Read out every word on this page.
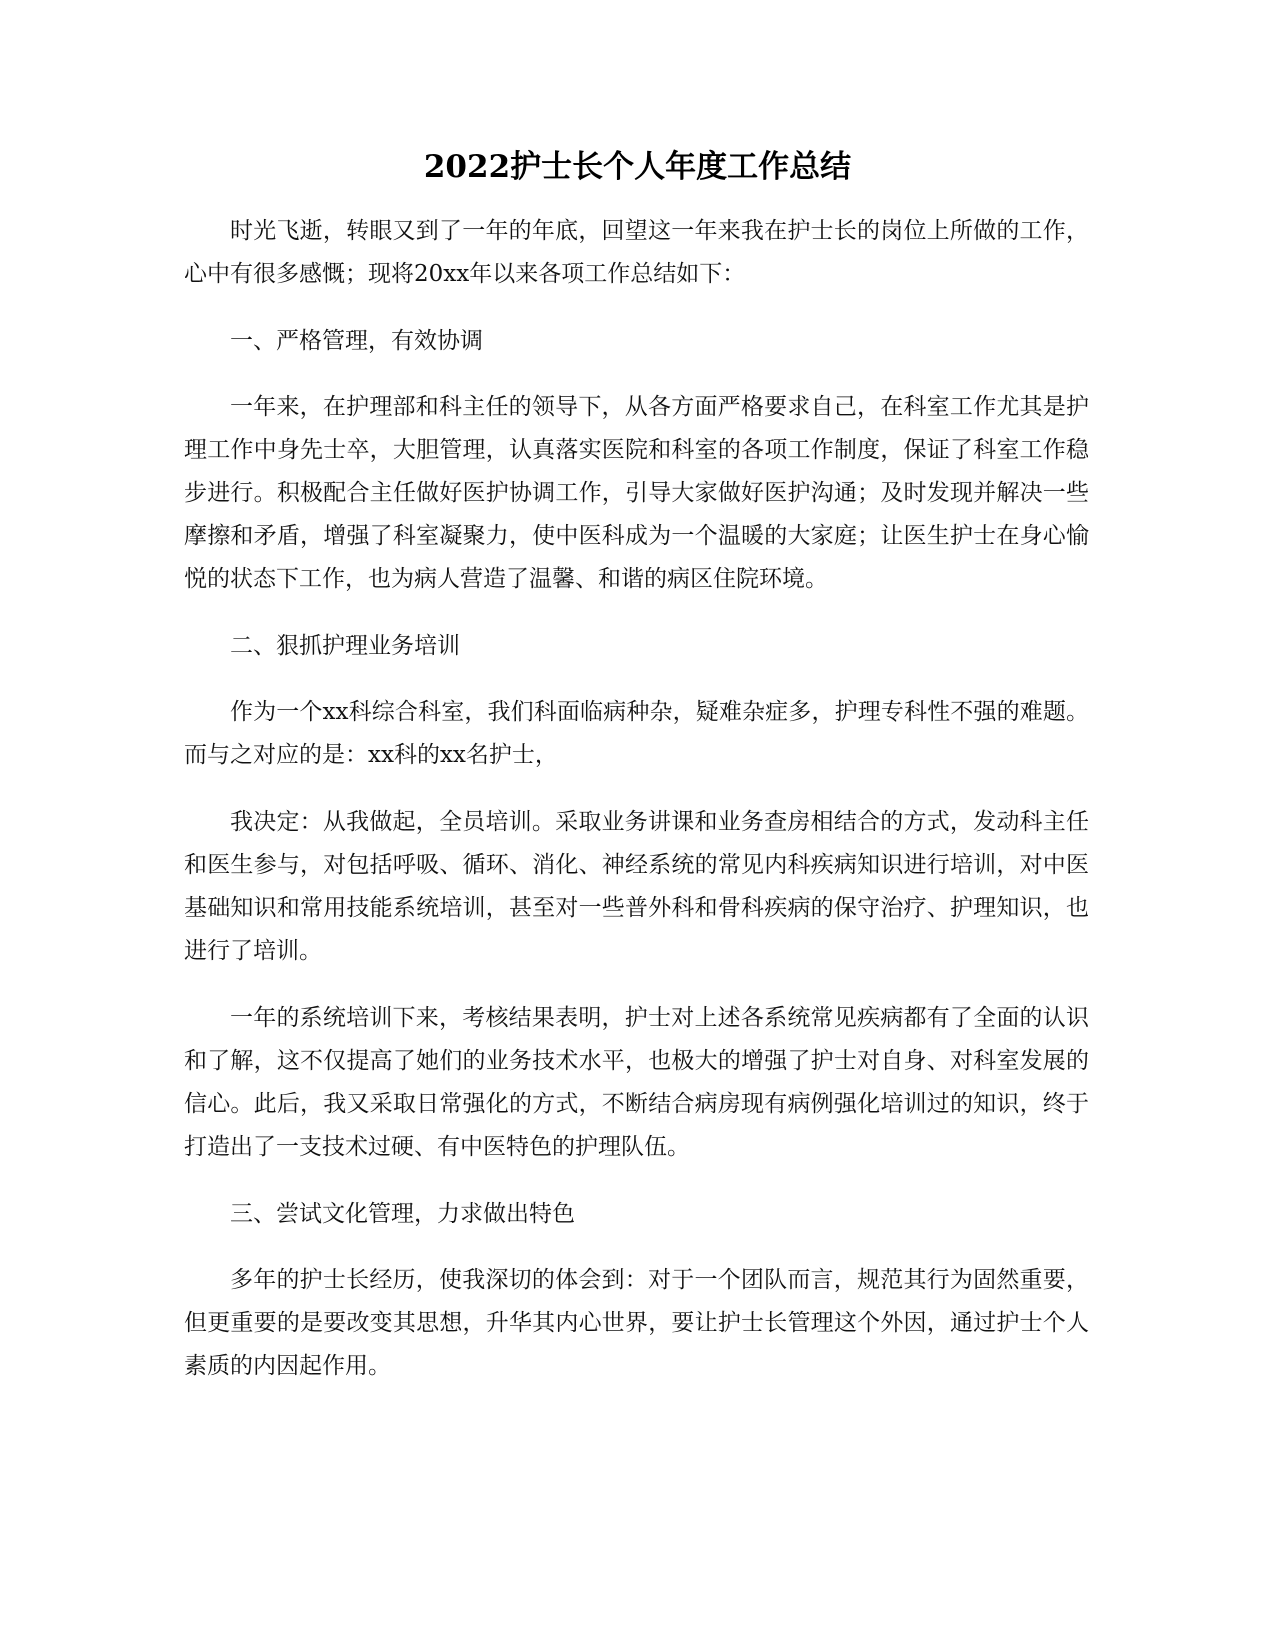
2022护士长个人年度工作总结

时光飞逝，转眼又到了一年的年底，回望这一年来我在护士长的岗位上所做的工作，心中有很多感慨；现将20xx年以来各项工作总结如下：

一、严格管理，有效协调

一年来，在护理部和科主任的领导下，从各方面严格要求自己，在科室工作尤其是护理工作中身先士卒，大胆管理，认真落实医院和科室的各项工作制度，保证了科室工作稳步进行。积极配合主任做好医护协调工作，引导大家做好医护沟通；及时发现并解决一些摩擦和矛盾，增强了科室凝聚力，使中医科成为一个温暖的大家庭；让医生护士在身心愉悦的状态下工作，也为病人营造了温馨、和谐的病区住院环境。

二、狠抓护理业务培训

作为一个xx科综合科室，我们科面临病种杂，疑难杂症多，护理专科性不强的难题。而与之对应的是：xx科的xx名护士，

我决定：从我做起，全员培训。采取业务讲课和业务查房相结合的方式，发动科主任和医生参与，对包括呼吸、循环、消化、神经系统的常见内科疾病知识进行培训，对中医基础知识和常用技能系统培训，甚至对一些普外科和骨科疾病的保守治疗、护理知识，也进行了培训。

一年的系统培训下来，考核结果表明，护士对上述各系统常见疾病都有了全面的认识和了解，这不仅提高了她们的业务技术水平，也极大的增强了护士对自身、对科室发展的信心。此后，我又采取日常强化的方式，不断结合病房现有病例强化培训过的知识，终于打造出了一支技术过硬、有中医特色的护理队伍。

三、尝试文化管理，力求做出特色

多年的护士长经历，使我深切的体会到：对于一个团队而言，规范其行为固然重要，但更重要的是要改变其思想，升华其内心世界，要让护士长管理这个外因，通过护士个人素质的内因起作用。
